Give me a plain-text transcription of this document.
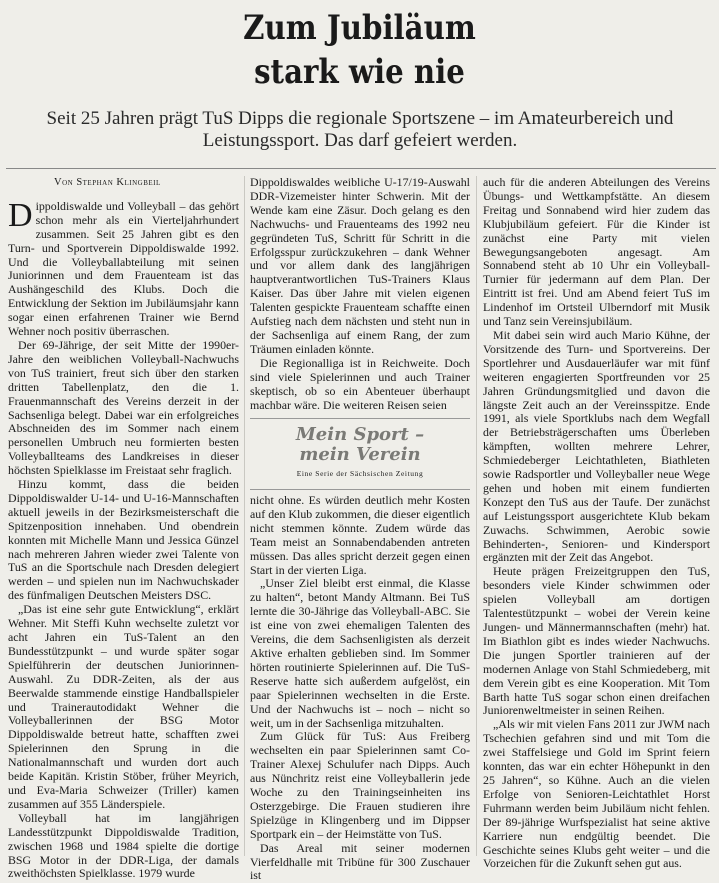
Zum Jubiläum
stark wie nie
Seit 25 Jahren prägt TuS Dipps die regionale Sportszene – im Amateurbereich und Leistungssport. Das darf gefeiert werden.
Von Stephan Klingbeil

Dippoldiswalde und Volleyball – das gehört schon mehr als ein Vierteljahrhundert zusammen. Seit 25 Jahren gibt es den Turn- und Sportverein Dippoldiswalde 1992. Und die Volleyballabteilung mit seinen Juniorinnen und dem Frauenteam ist das Aushängeschild des Klubs. Doch die Entwicklung der Sektion im Jubiläumsjahr kann sogar einen erfahrenen Trainer wie Bernd Wehner noch positiv überraschen.

Der 69-Jährige, der seit Mitte der 1990er-Jahre den weiblichen Volleyball-Nachwuchs von TuS trainiert, freut sich über den starken dritten Tabellenplatz, den die 1. Frauenmannschaft des Vereins derzeit in der Sachsenliga belegt. Dabei war ein erfolgreiches Abschneiden des im Sommer nach einem personellen Umbruch neu formierten besten Volleyballteams des Landkreises in dieser höchsten Spielklasse im Freistaat sehr fraglich.

Hinzu kommt, dass die beiden Dippoldiswalder U-14- und U-16-Mannschaften aktuell jeweils in der Bezirksmeisterschaft die Spitzenposition innehaben. Und obendrein konnten mit Michelle Mann und Jessica Günzel nach mehreren Jahren wieder zwei Talente von TuS an die Sportschule nach Dresden delegiert werden – und spielen nun im Nachwuchskader des fünfmaligen Deutschen Meisters DSC.

„Das ist eine sehr gute Entwicklung“, erklärt Wehner. Mit Steffi Kuhn wechselte zuletzt vor acht Jahren ein TuS-Talent an den Bundesstützpunkt – und wurde später sogar Spielführerin der deutschen Juniorinnen-Auswahl. Zu DDR-Zeiten, als der aus Beerwalde stammende einstige Handballspieler und Trainerautodidakt Wehner die Volleyballerinnen der BSG Motor Dippoldiswalde betreut hatte, schafften zwei Spielerinnen den Sprung in die Nationalmannschaft und wurden dort auch beide Kapitän. Kristin Stöber, früher Meyrich, und Eva-Maria Schweizer (Triller) kamen zusammen auf 355 Länderspiele.

Volleyball hat im langjährigen Landesstützpunkt Dippoldiswalde Tradition, zwischen 1968 und 1984 spielte die dortige BSG Motor in der DDR-Liga, der damals zweithöchsten Spielklasse. 1979 wurde

Dippoldiswaldes weibliche U-17/19-Auswahl DDR-Vizemeister hinter Schwerin. Mit der Wende kam eine Zäsur. Doch gelang es den Nachwuchs- und Frauenteams des 1992 neu gegründeten TuS, Schritt für Schritt in die Erfolgsspur zurückzukehren – dank Wehner und vor allem dank des langjährigen hauptverantwortlichen TuS-Trainers Klaus Kaiser. Das über Jahre mit vielen eigenen Talenten gespickte Frauenteam schaffte einen Aufstieg nach dem nächsten und steht nun in der Sachsenliga auf einem Rang, der zum Träumen einladen könnte.

Die Regionalliga ist in Reichweite. Doch sind viele Spielerinnen und auch Trainer skeptisch, ob so ein Abenteuer überhaupt machbar wäre. Die weiteren Reisen seien

Mein Sport –
mein Verein
Eine Serie der Sächsischen Zeitung

nicht ohne. Es würden deutlich mehr Kosten auf den Klub zukommen, die dieser eigentlich nicht stemmen könnte. Zudem würde das Team meist an Sonnabendabenden antreten müssen. Das alles spricht derzeit gegen einen Start in der vierten Liga.

„Unser Ziel bleibt erst einmal, die Klasse zu halten“, betont Mandy Altmann. Bei TuS lernte die 30-Jährige das Volleyball-ABC. Sie ist eine von zwei ehemaligen Talenten des Vereins, die dem Sachsenligisten als derzeit Aktive erhalten geblieben sind. Im Sommer hörten routinierte Spielerinnen auf. Die TuS-Reserve hatte sich außerdem aufgelöst, ein paar Spielerinnen wechselten in die Erste. Und der Nachwuchs ist – noch – nicht so weit, um in der Sachsenliga mitzuhalten.

Zum Glück für TuS: Aus Freiberg wechselten ein paar Spielerinnen samt Co-Trainer Alexej Schulufer nach Dipps. Auch aus Nünchritz reist eine Volleyballerin jede Woche zu den Trainingseinheiten ins Osterzgebirge. Die Frauen studieren ihre Spielzüge in Klingenberg und im Dippser Sportpark ein – der Heimstätte von TuS.

Das Areal mit seiner modernen Vierfeldhalle mit Tribüne für 300 Zuschauer ist

auch für die anderen Abteilungen des Vereins Übungs- und Wettkampfstätte. An diesem Freitag und Sonnabend wird hier zudem das Klubjubiläum gefeiert. Für die Kinder ist zunächst eine Party mit vielen Bewegungsangeboten angesagt. Am Sonnabend steht ab 10 Uhr ein Volleyball-Turnier für jedermann auf dem Plan. Der Eintritt ist frei. Und am Abend feiert TuS im Lindenhof im Ortsteil Ulberndorf mit Musik und Tanz sein Vereinsjubiläum.

Mit dabei sein wird auch Mario Kühne, der Vorsitzende des Turn- und Sportvereins. Der Sportlehrer und Ausdauerläufer war mit fünf weiteren engagierten Sportfreunden vor 25 Jahren Gründungsmitglied und davon die längste Zeit auch an der Vereinsspitze. Ende 1991, als viele Sportklubs nach dem Wegfall der Betriebsträgerschaften ums Überleben kämpften, wollten mehrere Lehrer, Schmiedeberger Leichtathleten, Biathleten sowie Radsportler und Volleyballer neue Wege gehen und hoben mit einem fundierten Konzept den TuS aus der Taufe. Der zunächst auf Leistungssport ausgerichtete Klub bekam Zuwachs. Schwimmen, Aerobic sowie Behinderten-, Senioren- und Kindersport ergänzten mit der Zeit das Angebot.

Heute prägen Freizeitgruppen den TuS, besonders viele Kinder schwimmen oder spielen Volleyball am dortigen Talentestützpunkt – wobei der Verein keine Jungen- und Männermannschaften (mehr) hat. Im Biathlon gibt es indes wieder Nachwuchs. Die jungen Sportler trainieren auf der modernen Anlage von Stahl Schmiedeberg, mit dem Verein gibt es eine Kooperation. Mit Tom Barth hatte TuS sogar schon einen dreifachen Juniorenweltmeister in seinen Reihen.

„Als wir mit vielen Fans 2011 zur JWM nach Tschechien gefahren sind und mit Tom die zwei Staffelsiege und Gold im Sprint feiern konnten, das war ein echter Höhepunkt in den 25 Jahren“, so Kühne. Auch an die vielen Erfolge von Senioren-Leichtathlet Horst Fuhrmann werden beim Jubiläum nicht fehlen. Der 89-jährige Wurfspezialist hat seine aktive Karriere nun endgültig beendet. Die Geschichte seines Klubs geht weiter – und die Vorzeichen für die Zukunft sehen gut aus.
